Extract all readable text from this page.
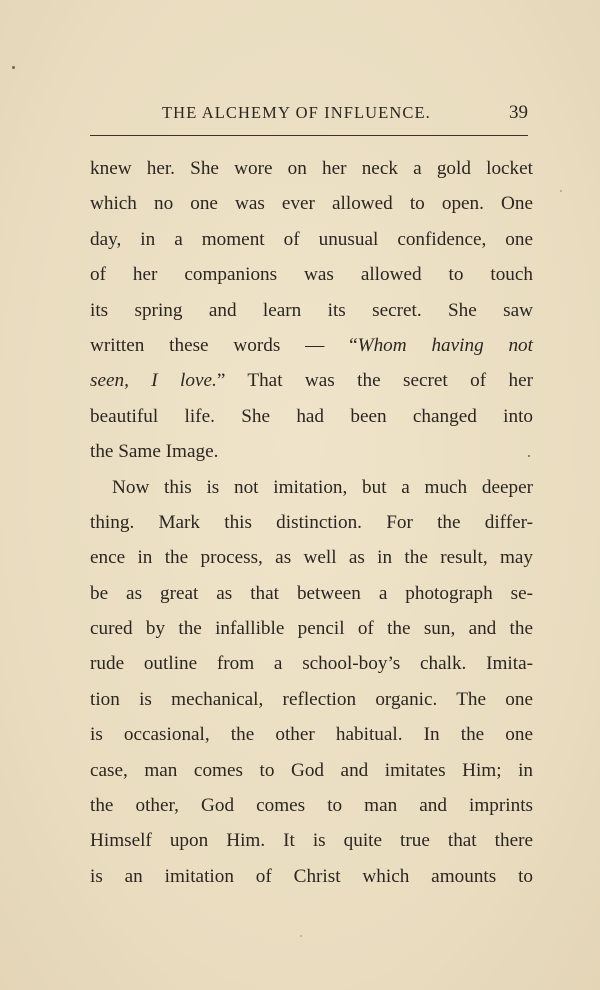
THE ALCHEMY OF INFLUENCE.	39
knew her. She wore on her neck a gold locket
which no one was ever allowed to open. One
day, in a moment of unusual confidence, one
of her companions was allowed to touch
its spring and learn its secret. She saw
written these words — “Whom having not
seen, I love.” That was the secret of her
beautiful life. She had been changed into
the Same Image.
Now this is not imitation, but a much deeper
thing. Mark this distinction. For the differ-
ence in the process, as well as in the result, may
be as great as that between a photograph se-
cured by the infallible pencil of the sun, and the
rude outline from a school-boy’s chalk. Imita-
tion is mechanical, reflection organic. The one
is occasional, the other habitual. In the one
case, man comes to God and imitates Him; in
the other, God comes to man and imprints
Himself upon Him. It is quite true that there
is an imitation of Christ which amounts to
